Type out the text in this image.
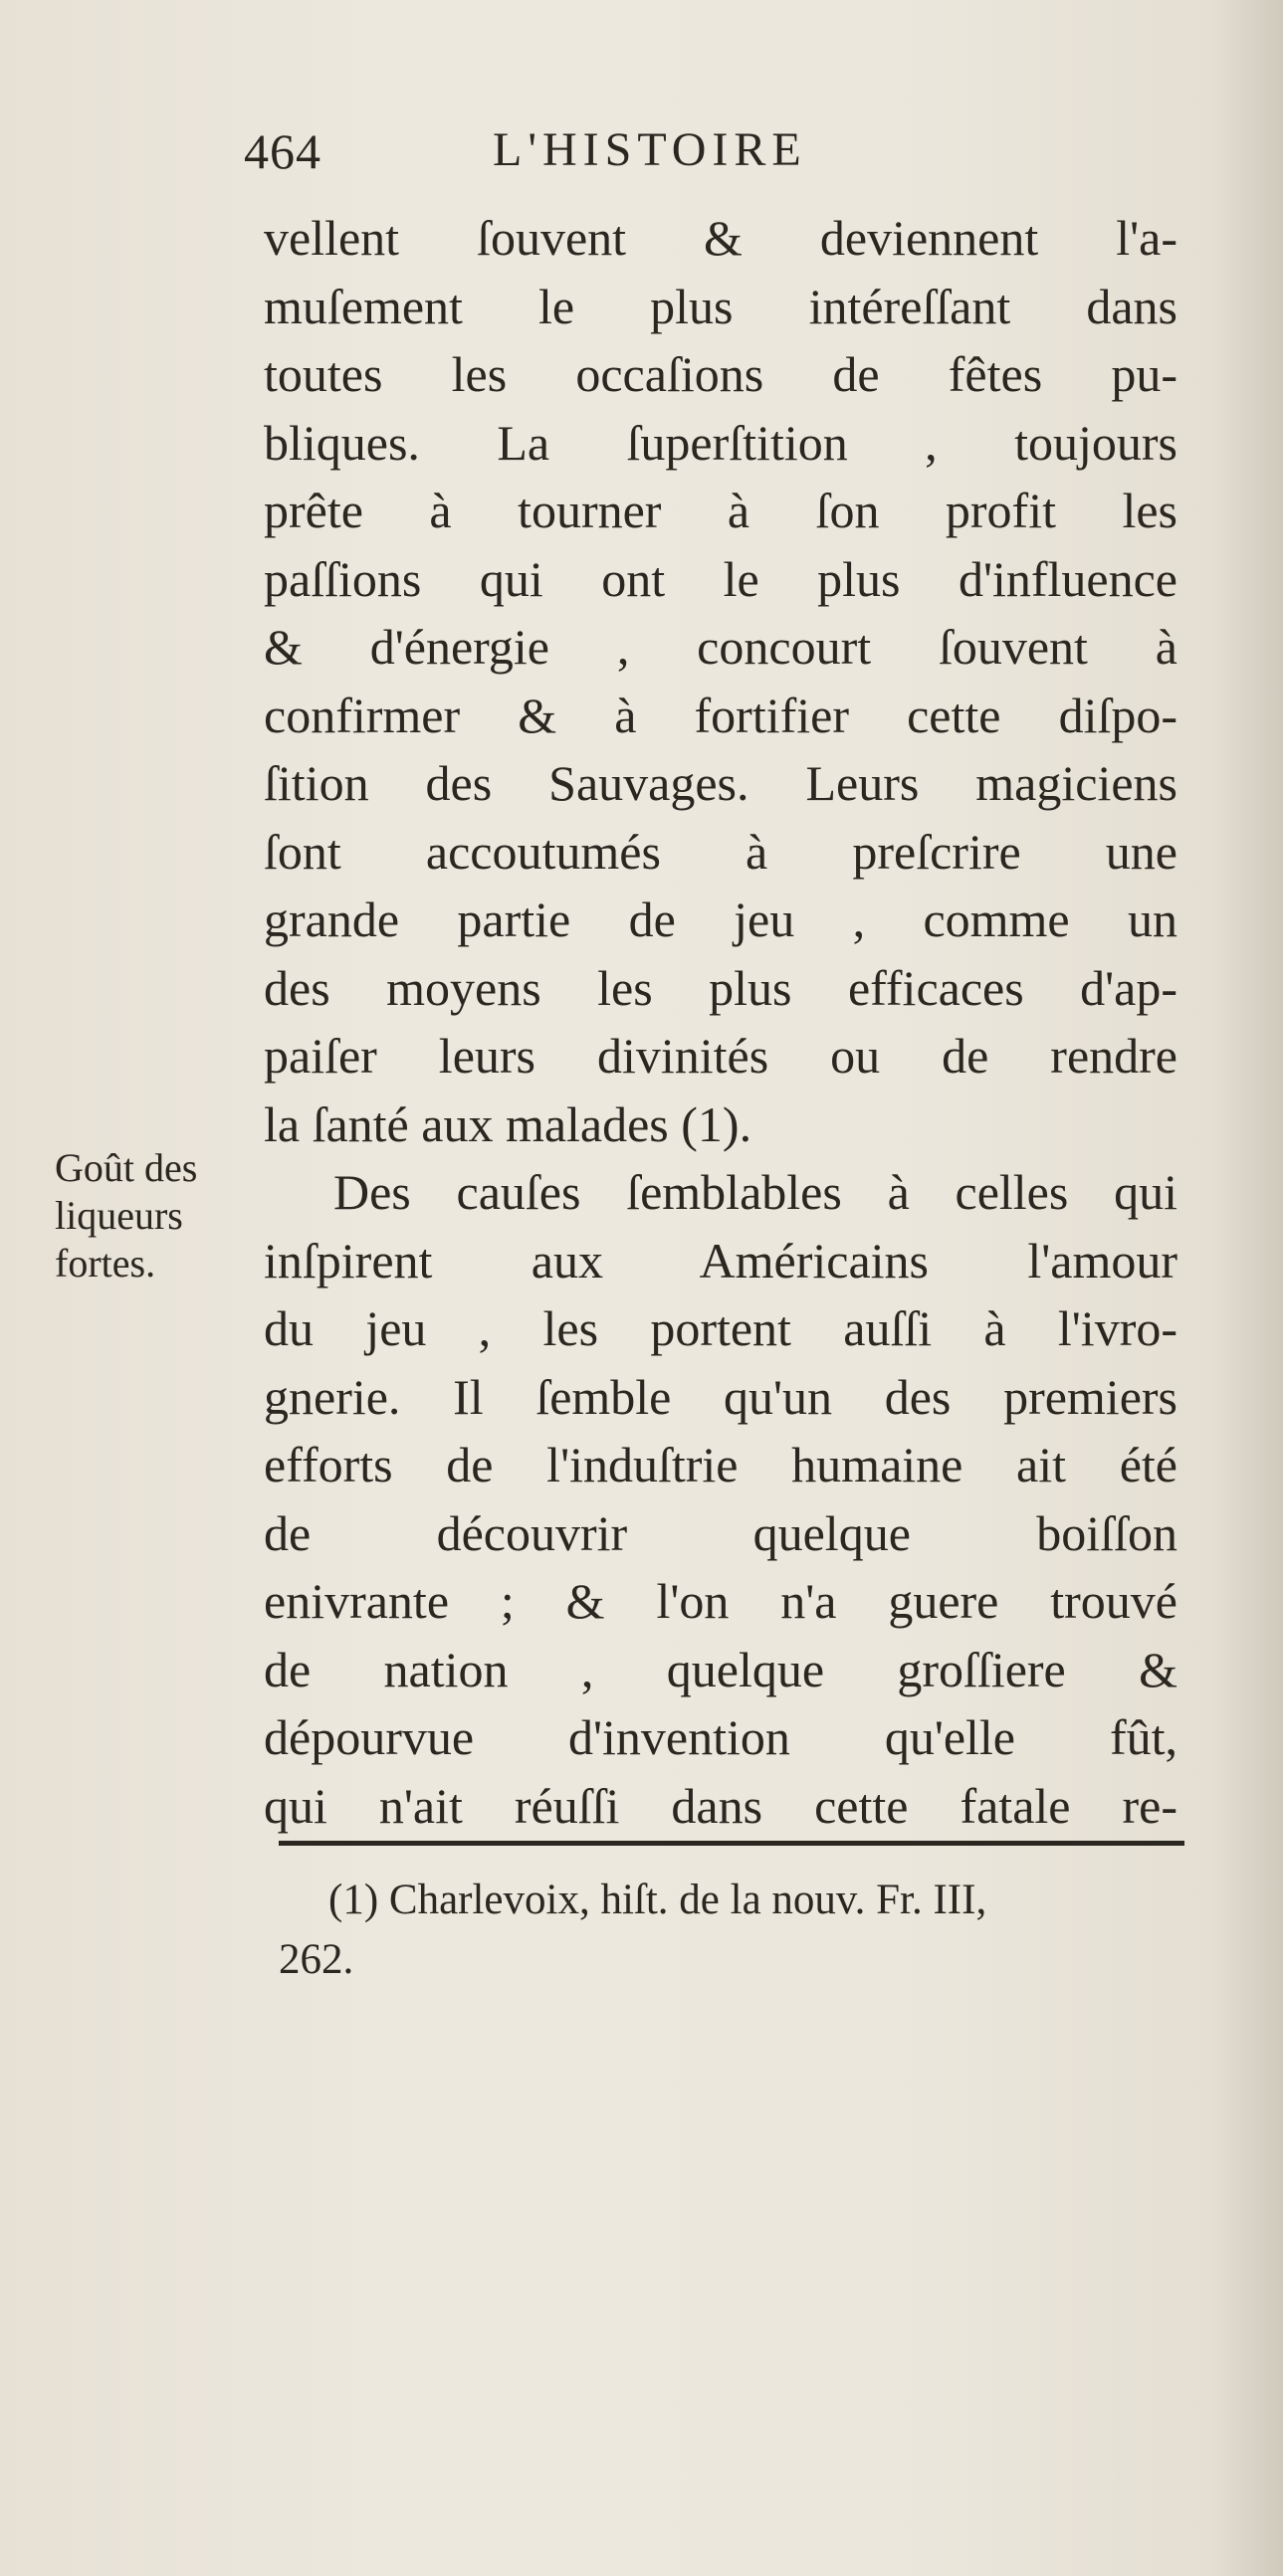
464	L'HISTOIRE
vellent ſouvent & deviennent l'a-
muſement le plus intéreſſant dans
toutes les occaſions de fêtes pu-
bliques. La ſuperſtition , toujours
prête à tourner à ſon profit les
paſſions qui ont le plus d'influence
& d'énergie , concourt ſouvent à
confirmer & à fortifier cette diſpo-
ſition des Sauvages. Leurs magiciens
ſont accoutumés à preſcrire une
grande partie de jeu , comme un
des moyens les plus efficaces d'ap-
paiſer leurs divinités ou de rendre
la ſanté aux malades (1).
Des cauſes ſemblables à celles qui
inſpirent aux Américains l'amour
du jeu , les portent auſſi à l'ivro-
gnerie. Il ſemble qu'un des premiers
efforts de l'induſtrie humaine ait été
de découvrir quelque boiſſon
enivrante ; & l'on n'a guere trouvé
de nation , quelque groſſiere &
dépourvue d'invention qu'elle fût,
qui n'ait réuſſi dans cette fatale re-
Goût des
liqueurs
fortes.
(1) Charlevoix, hiſt. de la nouv. Fr. III,
262.
